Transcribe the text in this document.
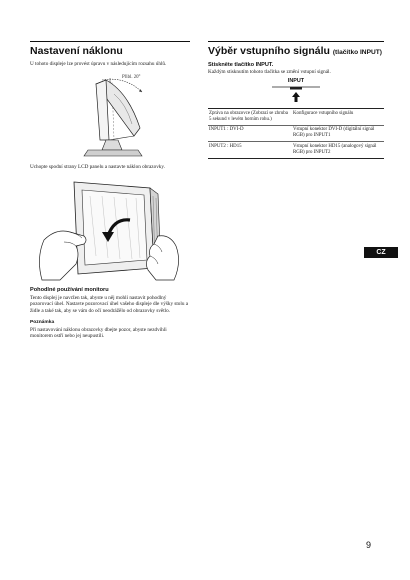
Nastavení náklonu

U tohoto displeje lze provést úpravu v následujícím rozsahu úhlů.

Přibl. 20°

Uchopte spodní strany LCD panelu a nastavte náklon obrazovky.

Pohodlné používání monitoru

Tento displej je navržen tak, abyste u něj mohli nastavit pohodlný pozorovací úhel. Nastavte pozorovací úhel vašeho displeje dle výšky stolu a židle a také tak, aby se vám do očí neodrážělo od obrazovky světlo.

Poznámka

Při nastavování náklonu obrazovky dbejte pozor, abyste nezdvihli monitorem ostří nebo jej neupustili.

Výběr vstupního signálu (tlačítko INPUT)
Stiskněte tlačítko INPUT.

Každým stisknutím tohoto tlačítka se změní vstupní signál.

INPUT
Zpráva na obrazovce (Zobrazí se zhruba 5 sekund v levém horním rohu.)	Konfigurace vstupního signálu
INPUT1 : DVI-D	Vstupní konektor DVI-D (digitální signál RGB) pro INPUT1
INPUT2 : HD15	Vstupní konektor HD15 (analogový signál RGB) pro INPUT2
CZ
9
